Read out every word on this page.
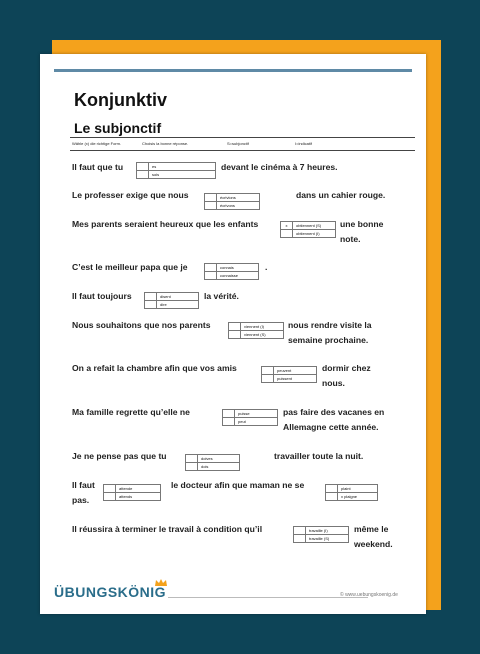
Konjunktiv
Le subjonctif
Wähle (x) die richtige Form.	Choisis la bonne réponse.	S=subjonctif	I=indicatif
Il faut que tu	devant le cinéma à 7 heures.
es
sois
Le professer exige que nous	dans un cahier rouge.
écrivions
écrivons
Mes parents seraient heureux que les enfants	une bonne note.
x	obtiennent (S)
obtiennent (I)
C’est le meilleur papa que je	.
connais
connaisse
Il faut toujours	la vérité.
disent
dire
Nous souhaitons que nos parents	nous rendre visite la semaine prochaine.
viennent (I)
viennent (S)
On a refait la chambre afin que vos amis	dormir chez nous.
peuvent
puissent
Ma famille regrette qu’elle ne	pas faire des vacanes en Allemagne cette année.
puisse
peut
Je ne pense pas que tu	travailler toute la nuit.
doives
dois
Il faut	le docteur afin que maman ne se

pas.
attende
attends
plaint
x plaigne
Il réussira à terminer le travail à condition qu’il	même le weekend.
travaille (I)
travaille (S)
ÜBUNGSKÖNIG	© www.uebungskoenig.de
